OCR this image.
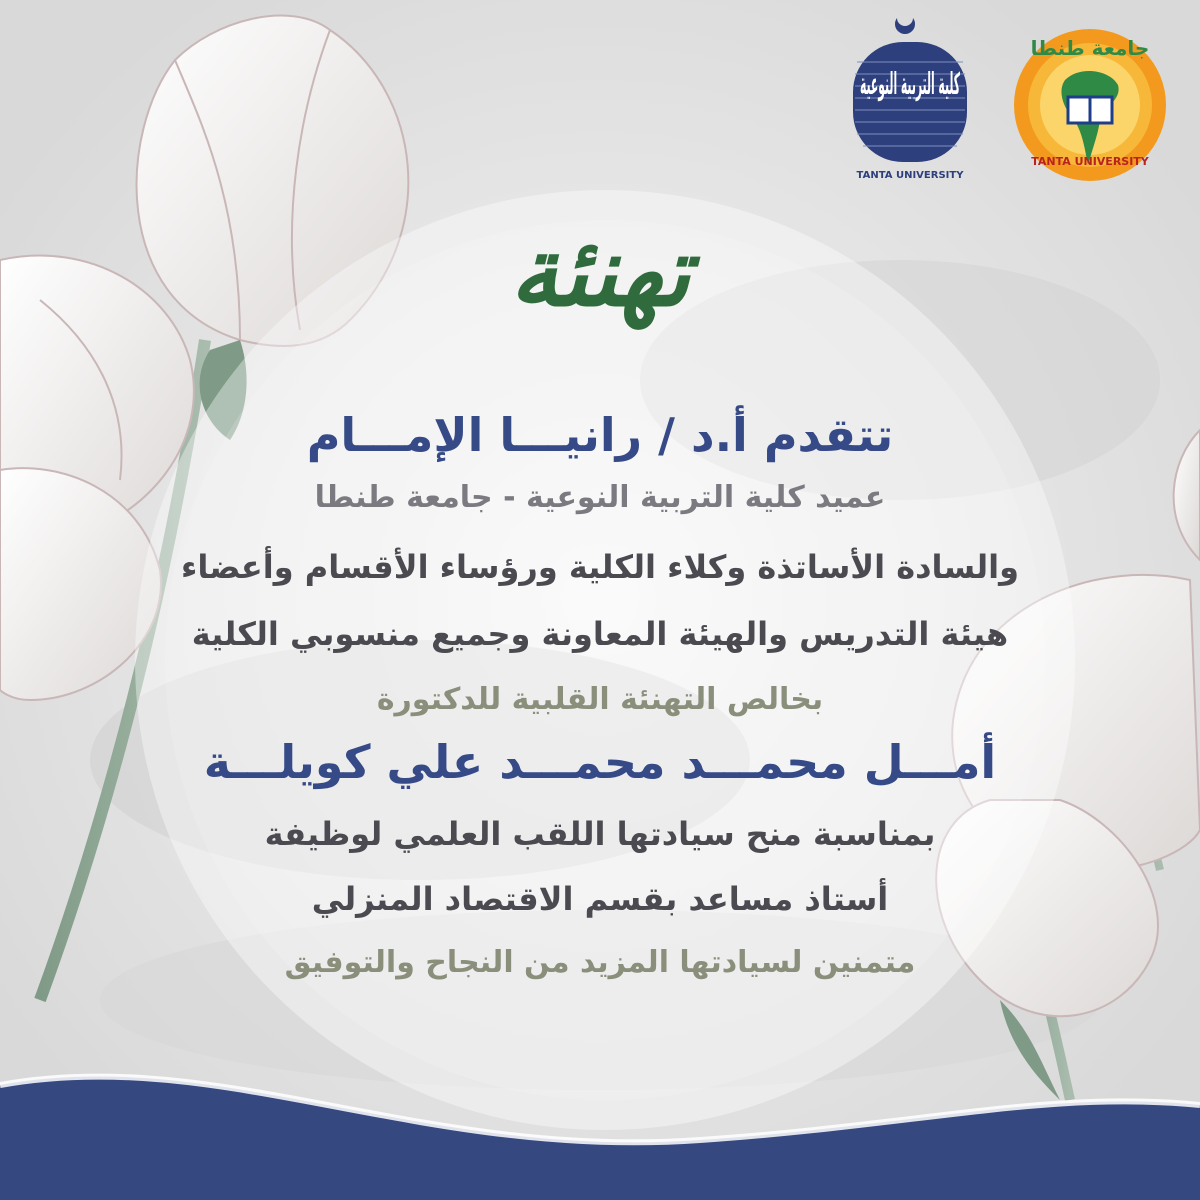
كلية التربية النوعية
TANTA UNIVERSITY
جامعة طنطا
TANTA UNIVERSITY
تهنئة
تتقدم أ.د / رانيـــا الإمـــام
عميد كلية التربية النوعية - جامعة طنطا
والسادة الأساتذة وكلاء الكلية ورؤساء الأقسام وأعضاء
هيئة التدريس والهيئة المعاونة وجميع منسوبي الكلية
بخالص التهنئة القلبية للدكتورة
أمـــل محمـــد محمـــد علي كويلـــة
بمناسبة منح سيادتها اللقب العلمي لوظيفة
أستاذ مساعد بقسم الاقتصاد المنزلي
متمنين لسيادتها المزيد من النجاح والتوفيق
